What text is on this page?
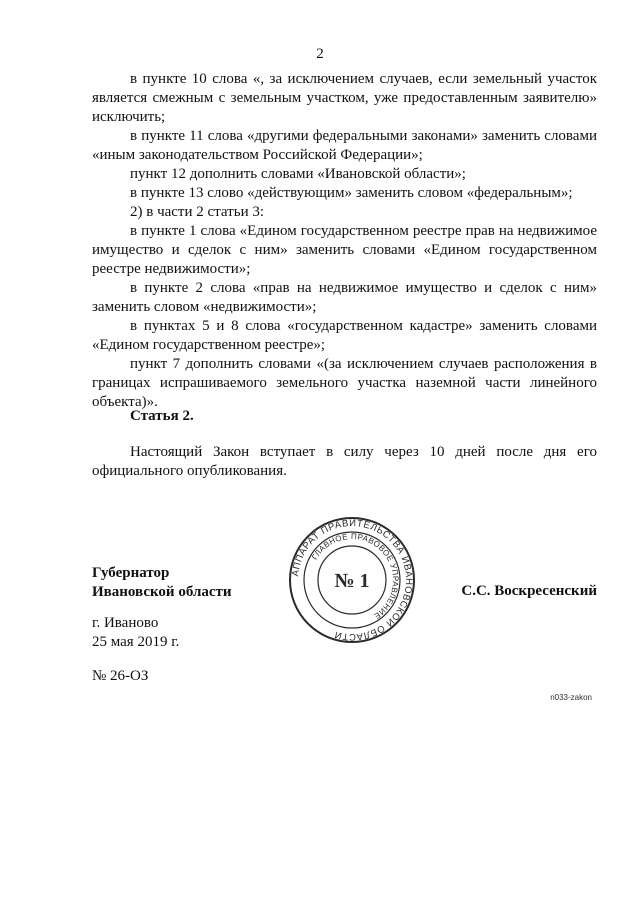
2

в пункте 10 слова «, за исключением случаев, если земельный участок является смежным с земельным участком, уже предоставленным заявителю» исключить;

в пункте 11 слова «другими федеральными законами» заменить словами «иным законодательством Российской Федерации»;

пункт 12 дополнить словами «Ивановской области»;

в пункте 13 слово «действующим» заменить словом «федеральным»;

2) в части 2 статьи 3:

в пункте 1 слова «Едином государственном реестре прав на недвижимое имущество и сделок с ним» заменить словами «Едином государственном реестре недвижимости»;

в пункте 2 слова «прав на недвижимое имущество и сделок с ним» заменить словом «недвижимости»;

в пунктах 5 и 8 слова «государственном кадастре» заменить словами «Едином государственном реестре»;

пункт 7 дополнить словами «(за исключением случаев расположения в границах испрашиваемого земельного участка наземной части линейного объекта)».

Статья 2.

Настоящий Закон вступает в силу через 10 дней после дня его официального опубликования.

Губернатор
Ивановской области
АППАРАТ ПРАВИТЕЛЬСТВА ИВАНОВСКОЙ ОБЛАСТИ
ГЛАВНОЕ ПРАВОВОЕ УПРАВЛЕНИЕ
№ 1	С.С. Воскресенский
г. Иваново
25 мая 2019 г.
№ 26-ОЗ
n033-zakon
